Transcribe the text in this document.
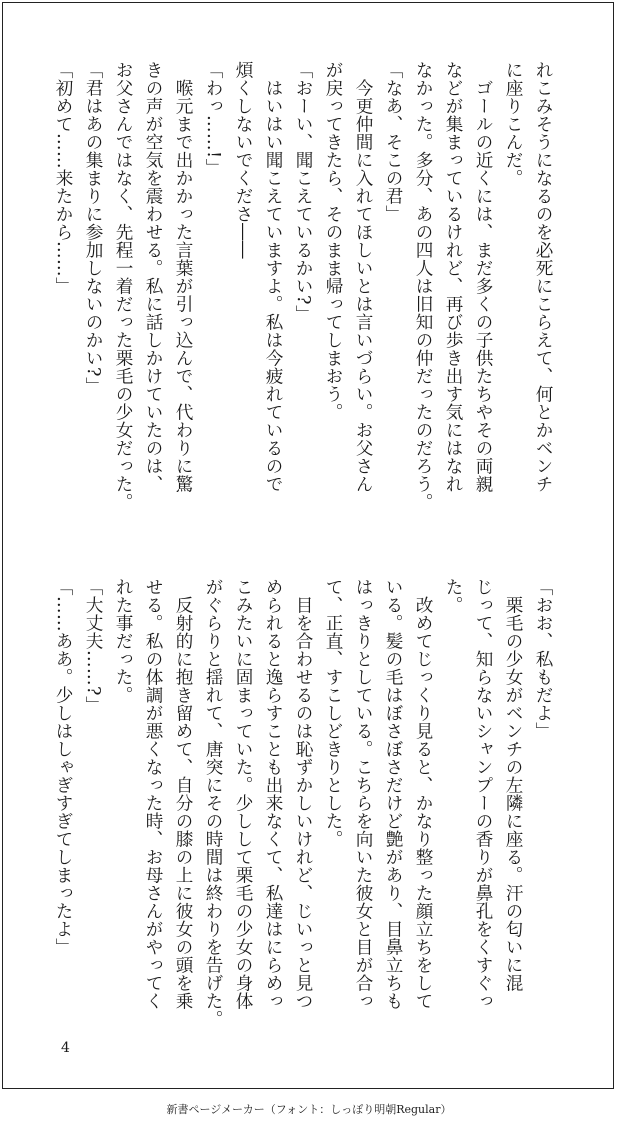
れこみそうになるのを必死にこらえて、何とかベンチ
に座りこんだ。
　ゴールの近くには、まだ多くの子供たちやその両親
などが集まっているけれど、再び歩き出す気にはなれ
なかった。多分、あの四人は旧知の仲だったのだろう。
「なあ、そこの君」
　今更仲間に入れてほしいとは言いづらい。お父さん
が戻ってきたら、そのまま帰ってしまおう。
「おーい、聞こえているかい?」
　はいはい聞こえていますよ。私は今疲れているので
煩くしないでくださ――
「わっ……!」
　喉元まで出かかった言葉が引っ込んで、代わりに驚
きの声が空気を震わせる。私に話しかけていたのは、
お父さんではなく、先程一着だった栗毛の少女だった。
「君はあの集まりに参加しないのかい?」
「初めて……来たから……」
「おお、私もだよ」
　栗毛の少女がベンチの左隣に座る。汗の匂いに混
じって、知らないシャンプーの香りが鼻孔をくすぐっ
た。
　改めてじっくり見ると、かなり整った顔立ちをして
いる。髪の毛はぼさぼさだけど艶があり、目鼻立ちも
はっきりとしている。こちらを向いた彼女と目が合っ
て、正直、すこしどきりとした。
　目を合わせるのは恥ずかしいけれど、じいっと見つ
められると逸らすことも出来なくて、私達はにらめっ
こみたいに固まっていた。少しして栗毛の少女の身体
がぐらりと揺れて、唐突にその時間は終わりを告げた。
　反射的に抱き留めて、自分の膝の上に彼女の頭を乗
せる。私の体調が悪くなった時、お母さんがやってく
れた事だった。
「大丈夫……?」
「……ああ。少しはしゃぎすぎてしまったよ」
4
新書ページメーカー（フォント：しっぽり明朝Regular）
